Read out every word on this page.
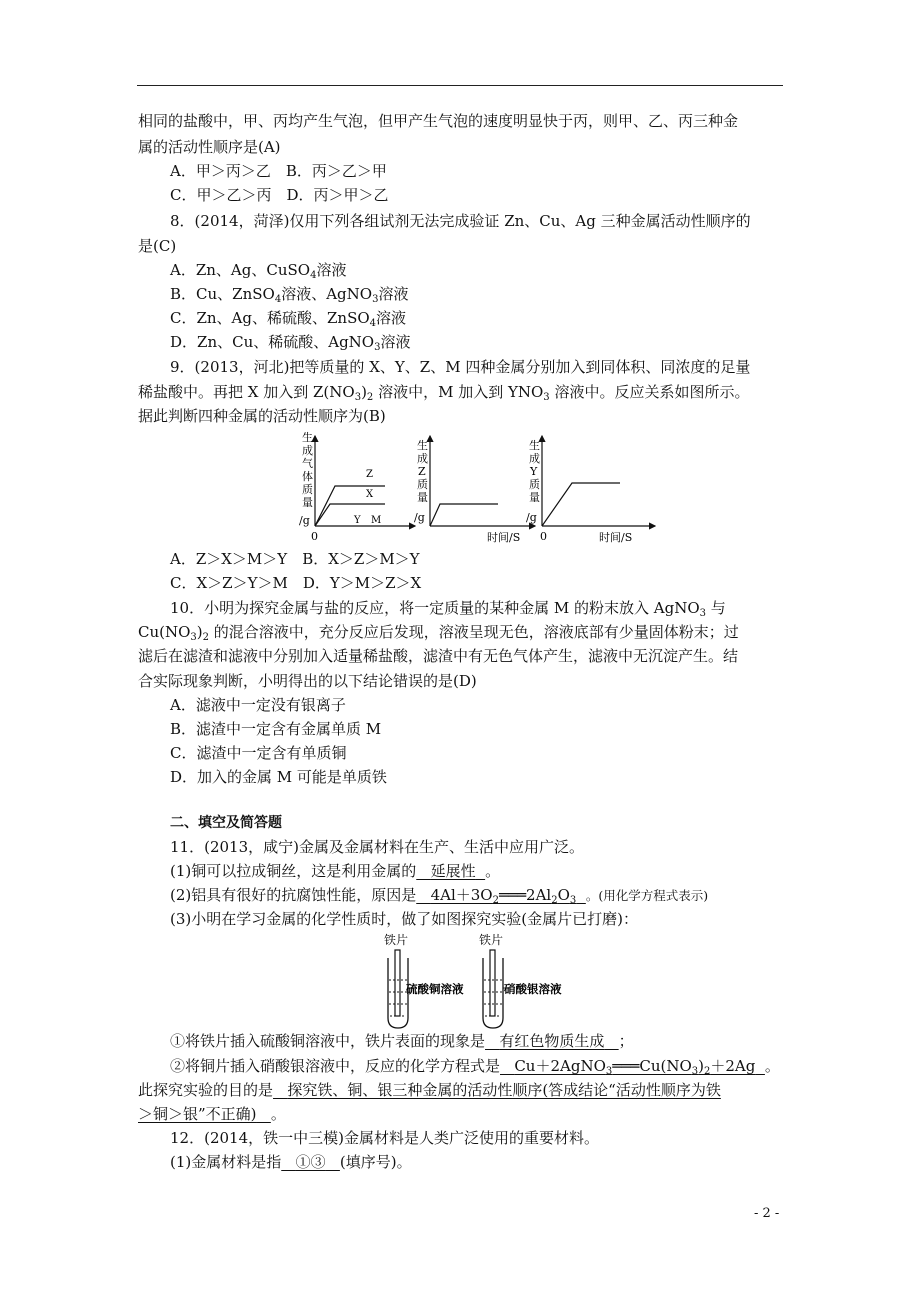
相同的盐酸中，甲、丙均产生气泡，但甲产生气泡的速度明显快于丙，则甲、乙、丙三种金
属的活动性顺序是(A)
A．甲＞丙＞乙　B．丙＞乙＞甲
C．甲＞乙＞丙　D．丙＞甲＞乙
8．(2014，菏泽)仅用下列各组试剂无法完成验证 Zn、Cu、Ag 三种金属活动性顺序的
是(C)
A．Zn、Ag、CuSO$_4$溶液
B．Cu、ZnSO$_4$溶液、AgNO$_3$溶液
C．Zn、Ag、稀硫酸、ZnSO$_4$溶液
D．Zn、Cu、稀硫酸、AgNO$_3$溶液
9．(2013，河北)把等质量的 X、Y、Z、M 四种金属分别加入到同体积、同浓度的足量
稀盐酸中。再把 X 加入到 $Z(NO_3)_2$ 溶液中，M 加入到 $YNO_3$ 溶液中。反应关系如图所示。
据此判断四种金属的活动性顺序为(B)
生
成
气
体
质
量
/g
Z
X
Y M
0
生
成
Z
质
量
/g
时间/S
生
成
Y
质
量
/g
0	时间/S
A．Z＞X＞M＞Y　B．X＞Z＞M＞Y
C．X＞Z＞Y＞M　D．Y＞M＞Z＞X
10．小明为探究金属与盐的反应，将一定质量的某种金属 M 的粉末放入 AgNO$_3$ 与
$Cu(NO_3)_2$ 的混合溶液中，充分反应后发现，溶液呈现无色，溶液底部有少量固体粉末；过
滤后在滤渣和滤液中分别加入适量稀盐酸，滤渣中有无色气体产生，滤液中无沉淀产生。结
合实际现象判断，小明得出的以下结论错误的是(D)
A．滤液中一定没有银离子
B．滤渣中一定含有金属单质 M
C．滤渣中一定含有单质铜
D．加入的金属 M 可能是单质铁
二、填空及简答题
11．(2013，咸宁)金属及金属材料在生产、生活中应用广泛。
(1)铜可以拉成铜丝，这是利用金属的 延展性 。
(2)铝具有很好的抗腐蚀性能，原因是 $4Al+3O_2═══2Al_2O_3$ 。(用化学方程式表示)
(3)小明在学习金属的化学性质时，做了如图探究实验(金属片已打磨)：
铁片	铁片
硫酸铜溶液	硝酸银溶液
①将铁片插入硫酸铜溶液中，铁片表面的现象是 有红色物质生成 ；
②将铜片插入硝酸银溶液中，反应的化学方程式是 $Cu+2AgNO_3═══Cu(NO_3)_2+2Ag$ 。
此探究实验的目的是 探究铁、铜、银三种金属的活动性顺序(答成结论“活动性顺序为铁
＞铜＞银”不正确) 。
12．(2014，铁一中三模)金属材料是人类广泛使用的重要材料。
(1)金属材料是指 ①③ (填序号)。
- 2 -
